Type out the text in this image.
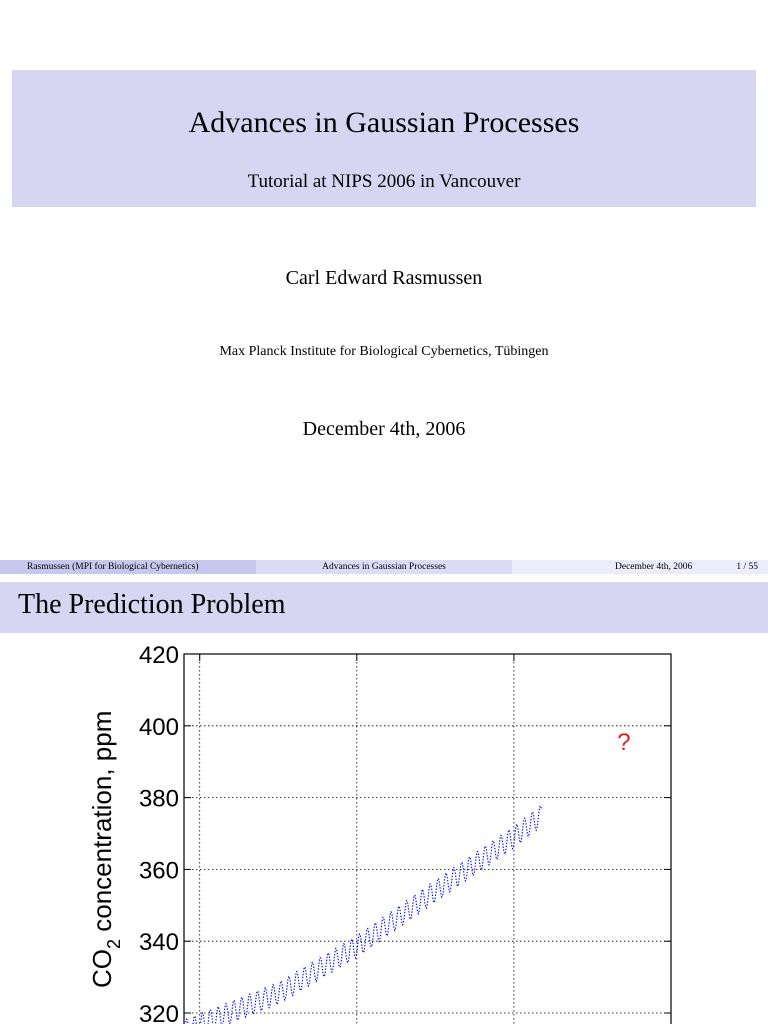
Advances in Gaussian Processes
Tutorial at NIPS 2006 in Vancouver
Carl Edward Rasmussen
Max Planck Institute for Biological Cybernetics, Tübingen
December 4th, 2006
Rasmussen (MPI for Biological Cybernetics)	Advances in Gaussian Processes	December 4th, 2006	1 / 55
The Prediction Problem
420
400
380
360
340
320
$CO_2$ concentration, ppm	?
